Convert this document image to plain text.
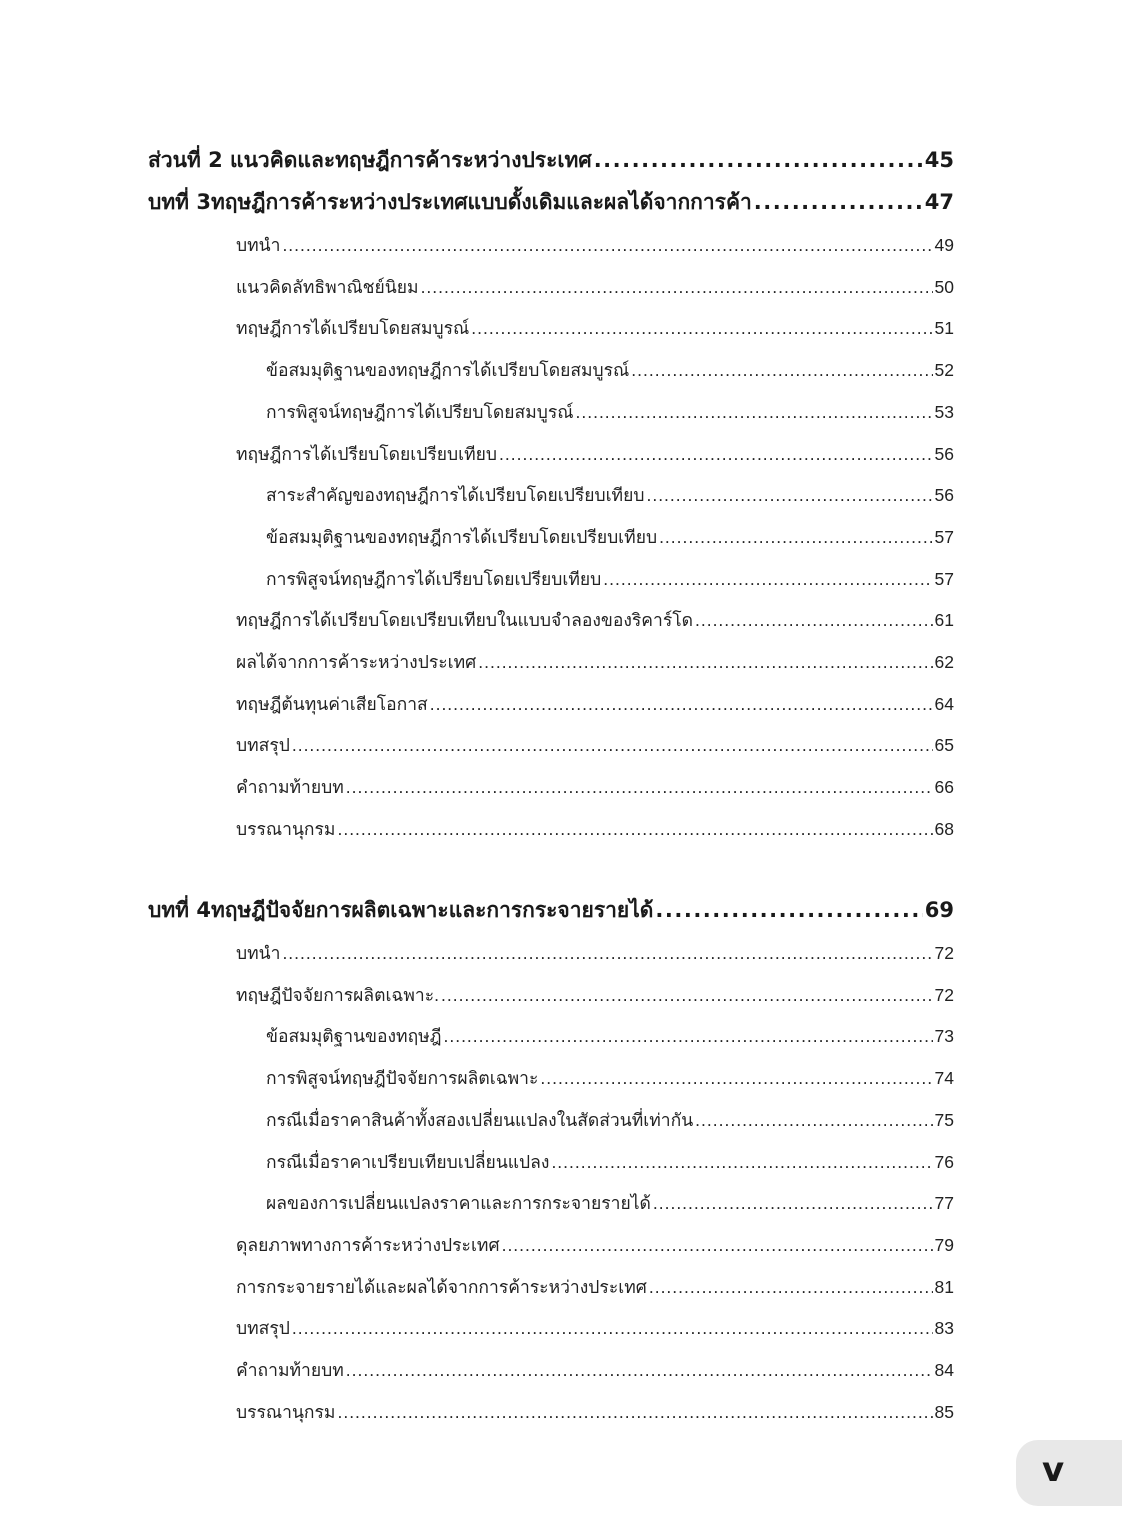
ส่วนที่ 2 แนวคิดและทฤษฎีการค้าระหว่างประเทศ .....	45
บทที่ 3 ทฤษฎีการค้าระหว่างประเทศแบบดั้งเดิมและผลได้จากการค้า .....	47
บทนำ .....	49
แนวคิดลัทธิพาณิชย์นิยม .....	50
ทฤษฎีการได้เปรียบโดยสมบูรณ์ .....	51
ข้อสมมุติฐานของทฤษฎีการได้เปรียบโดยสมบูรณ์ .....	52
การพิสูจน์ทฤษฎีการได้เปรียบโดยสมบูรณ์ .....	53
ทฤษฎีการได้เปรียบโดยเปรียบเทียบ .....	56
สาระสำคัญของทฤษฎีการได้เปรียบโดยเปรียบเทียบ .....	56
ข้อสมมุติฐานของทฤษฎีการได้เปรียบโดยเปรียบเทียบ .....	57
การพิสูจน์ทฤษฎีการได้เปรียบโดยเปรียบเทียบ .....	57
ทฤษฎีการได้เปรียบโดยเปรียบเทียบในแบบจำลองของริคาร์โด .....	61
ผลได้จากการค้าระหว่างประเทศ .....	62
ทฤษฎีต้นทุนค่าเสียโอกาส .....	64
บทสรุป .....	65
คำถามท้ายบท .....	66
บรรณานุกรม .....	68
บทที่ 4 ทฤษฎีปัจจัยการผลิตเฉพาะและการกระจายรายได้ .....	69
บทนำ .....	72
ทฤษฎีปัจจัยการผลิตเฉพาะ. .....	72
ข้อสมมุติฐานของทฤษฎี .....	73
การพิสูจน์ทฤษฎีปัจจัยการผลิตเฉพาะ .....	74
กรณีเมื่อราคาสินค้าทั้งสองเปลี่ยนแปลงในสัดส่วนที่เท่ากัน .....	75
กรณีเมื่อราคาเปรียบเทียบเปลี่ยนแปลง .....	76
ผลของการเปลี่ยนแปลงราคาและการกระจายรายได้ .....	77
ดุลยภาพทางการค้าระหว่างประเทศ .....	79
การกระจายรายได้และผลได้จากการค้าระหว่างประเทศ .....	81
บทสรุป .....	83
คำถามท้ายบท .....	84
บรรณานุกรม .....	85
v
